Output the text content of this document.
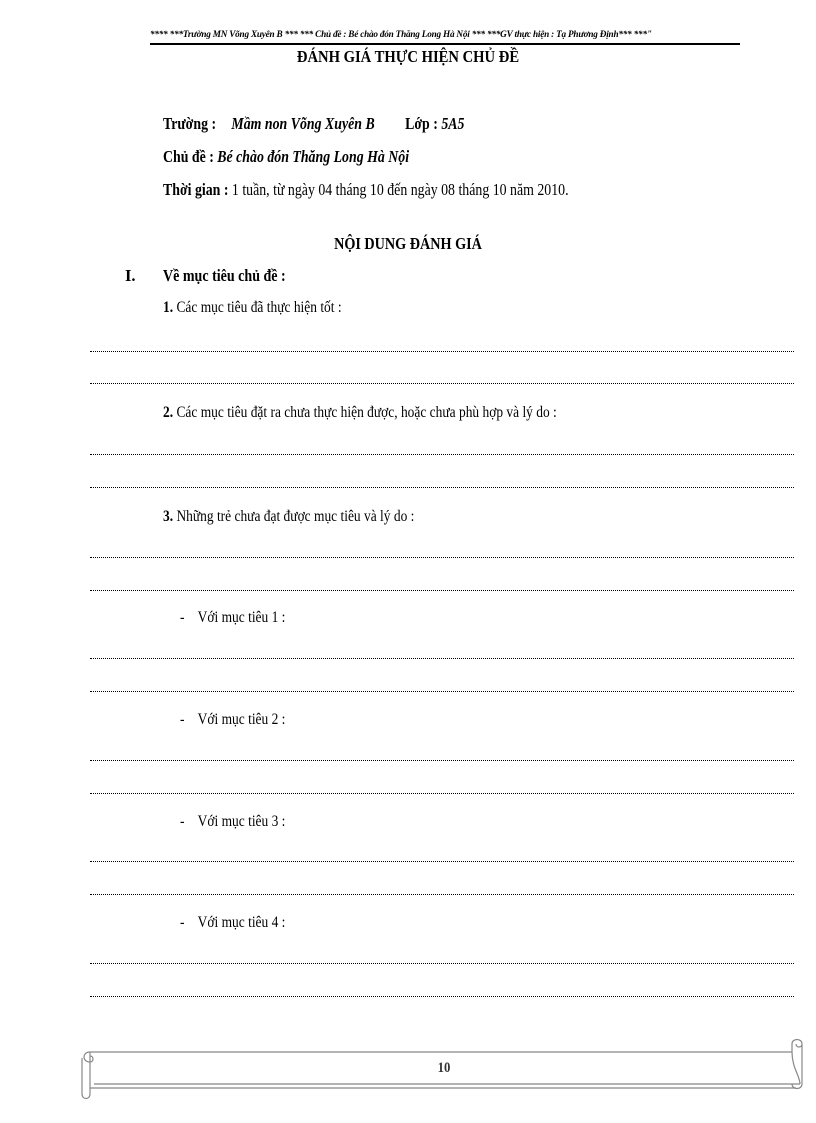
**** ***Trường MN Võng Xuyên B *** *** Chủ đề : Bé chào đón Thăng Long Hà Nội *** ***GV thực hiện : Tạ Phương Định*** ***"
ĐÁNH GIÁ THỰC HIỆN CHỦ ĐỀ
Trường : Mầm non Võng Xuyên B Lớp : 5A5
Chủ đề : Bé chào đón Thăng Long Hà Nội
Thời gian : 1 tuần, từ ngày 04 tháng 10 đến ngày 08 tháng 10 năm 2010.
NỘI DUNG ĐÁNH GIÁ
I. Về mục tiêu chủ đề :
1. Các mục tiêu đã thực hiện tốt :
2. Các mục tiêu đặt ra chưa thực hiện được, hoặc chưa phù hợp và lý do :
3. Những trẻ chưa đạt được mục tiêu và lý do :
- Với mục tiêu 1 :
- Với mục tiêu 2 :
- Với mục tiêu 3 :
- Với mục tiêu 4 :
10
